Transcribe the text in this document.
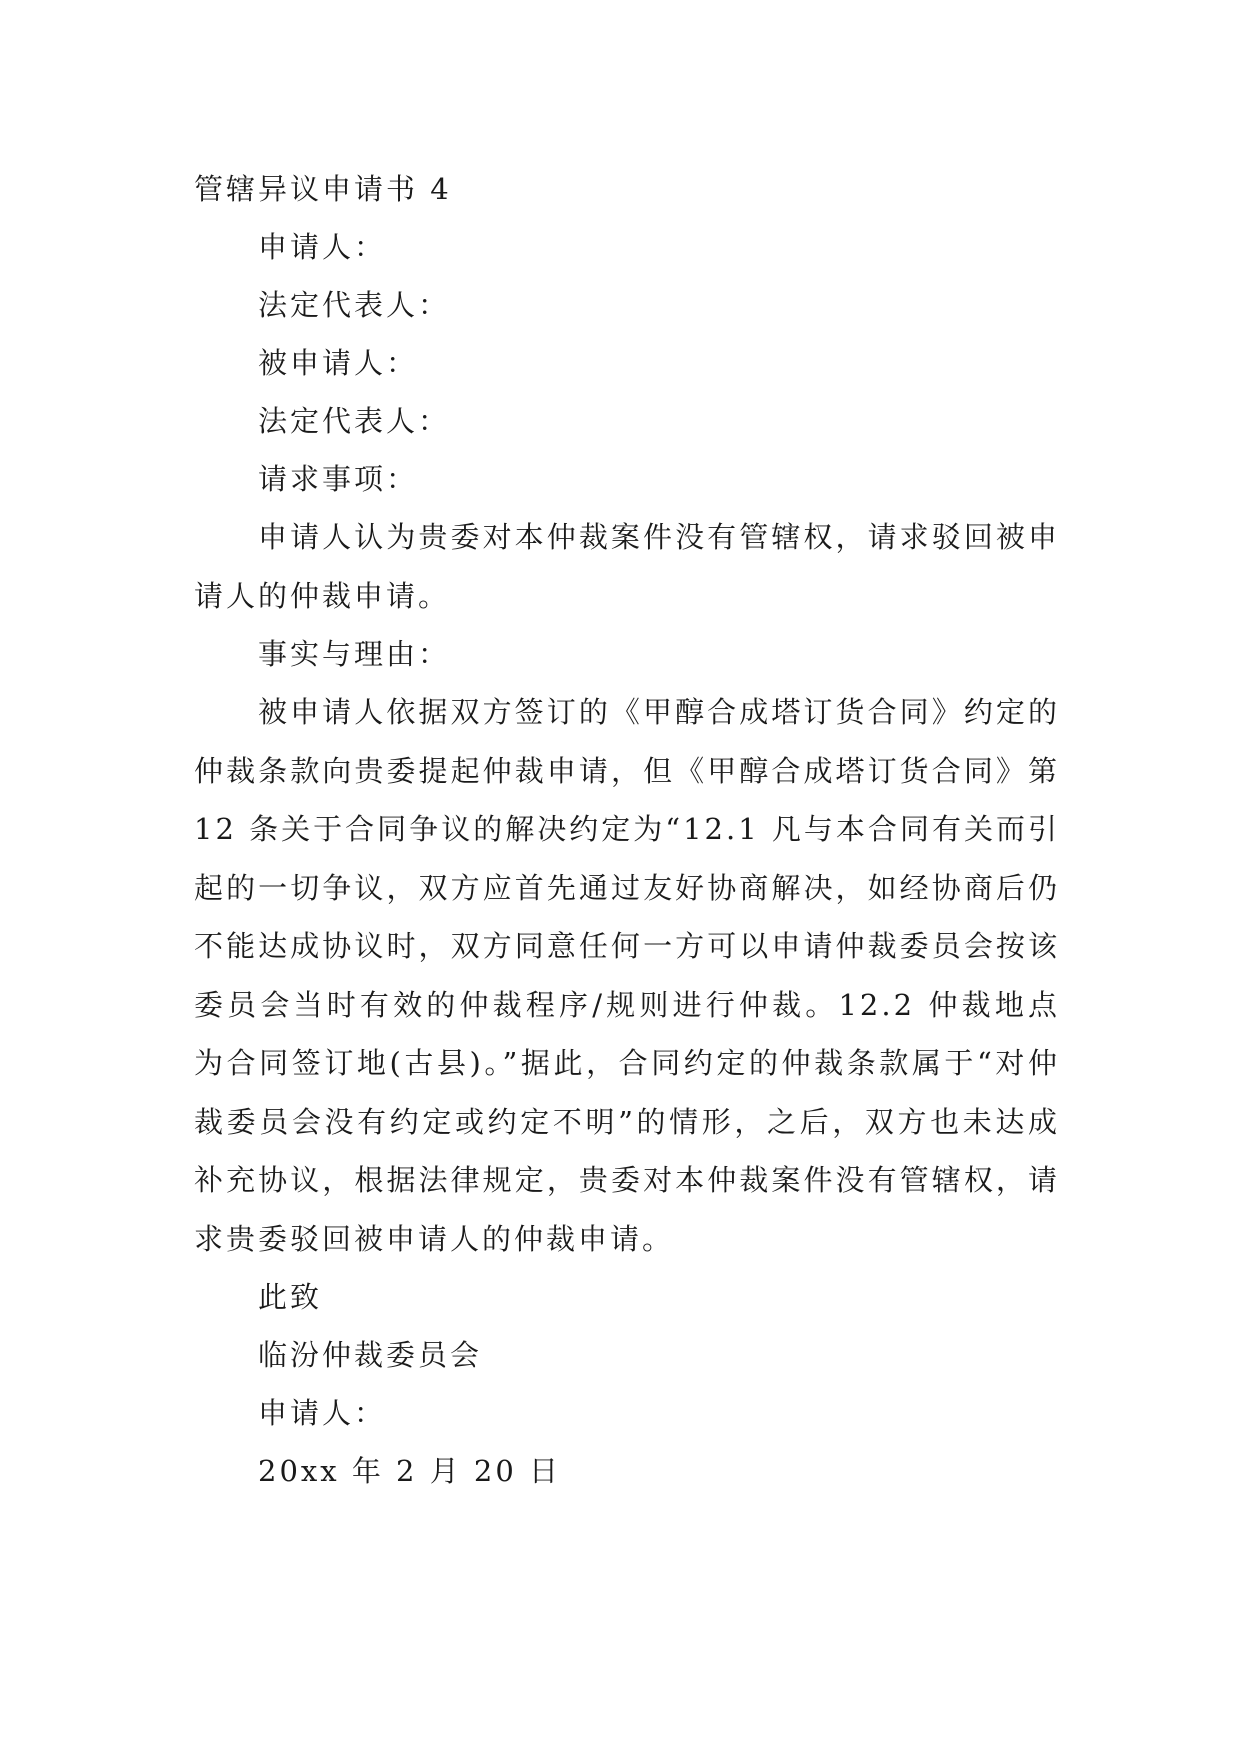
管辖异议申请书 4

申请人：

法定代表人：

被申请人：

法定代表人：

请求事项：

申请人认为贵委对本仲裁案件没有管辖权，请求驳回被申请人的仲裁申请。

事实与理由：

被申请人依据双方签订的《甲醇合成塔订货合同》约定的仲裁条款向贵委提起仲裁申请，但《甲醇合成塔订货合同》第 12 条关于合同争议的解决约定为“12.1 凡与本合同有关而引起的一切争议，双方应首先通过友好协商解决，如经协商后仍不能达成协议时，双方同意任何一方可以申请仲裁委员会按该委员会当时有效的仲裁程序/规则进行仲裁。12.2 仲裁地点为合同签订地(古县)。”据此，合同约定的仲裁条款属于“对仲裁委员会没有约定或约定不明”的情形，之后，双方也未达成补充协议，根据法律规定，贵委对本仲裁案件没有管辖权，请求贵委驳回被申请人的仲裁申请。

此致

临汾仲裁委员会

申请人：

20xx 年 2 月 20 日
